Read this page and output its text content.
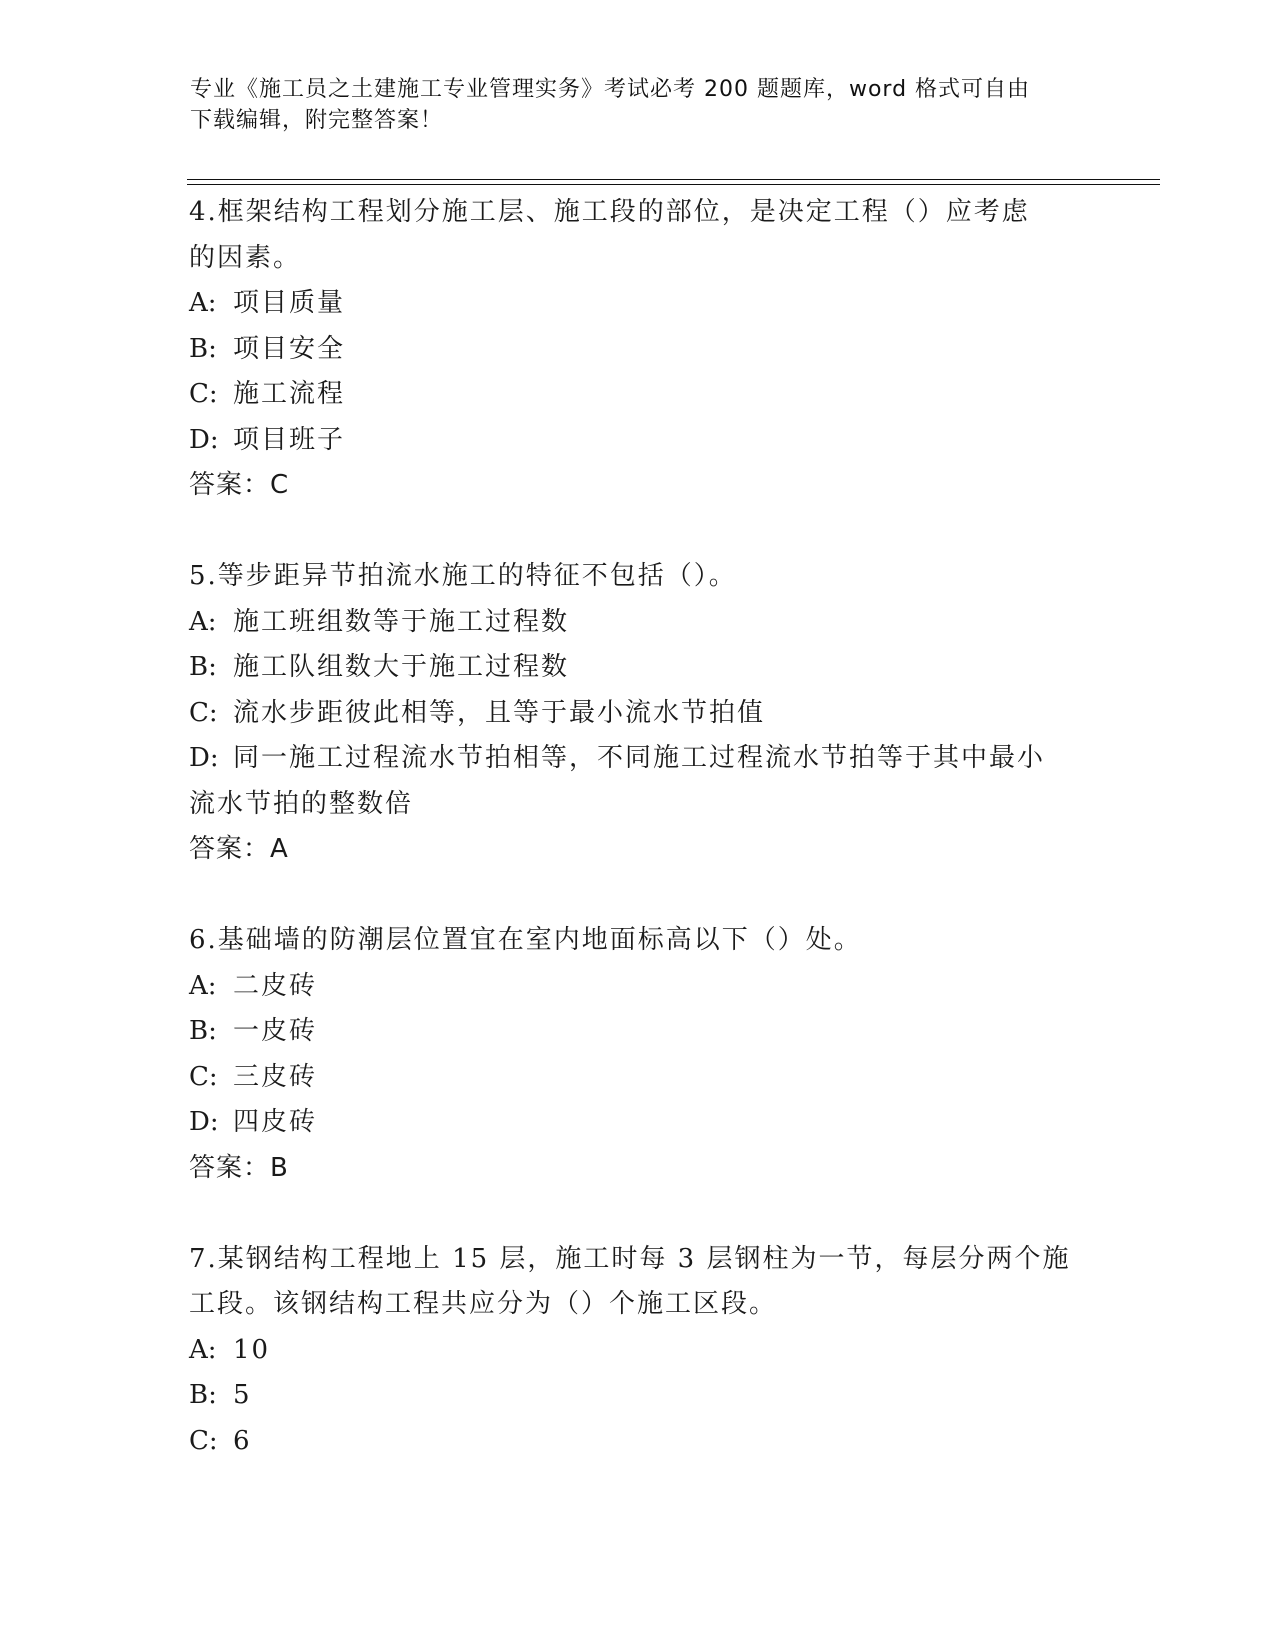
专业《施工员之土建施工专业管理实务》考试必考 200 题题库，word 格式可自由
下载编辑，附完整答案！
4.框架结构工程划分施工层、施工段的部位，是决定工程（）应考虑
的因素。
A: 项目质量
B: 项目安全
C: 施工流程
D: 项目班子
答案：C
5.等步距异节拍流水施工的特征不包括（）。
A: 施工班组数等于施工过程数
B: 施工队组数大于施工过程数
C: 流水步距彼此相等，且等于最小流水节拍值
D: 同一施工过程流水节拍相等，不同施工过程流水节拍等于其中最小
流水节拍的整数倍
答案：A
6.基础墙的防潮层位置宜在室内地面标高以下（）处。
A: 二皮砖
B: 一皮砖
C: 三皮砖
D: 四皮砖
答案：B
7.某钢结构工程地上 15 层，施工时每 3 层钢柱为一节，每层分两个施
工段。该钢结构工程共应分为（）个施工区段。
A: 10
B: 5
C: 6
